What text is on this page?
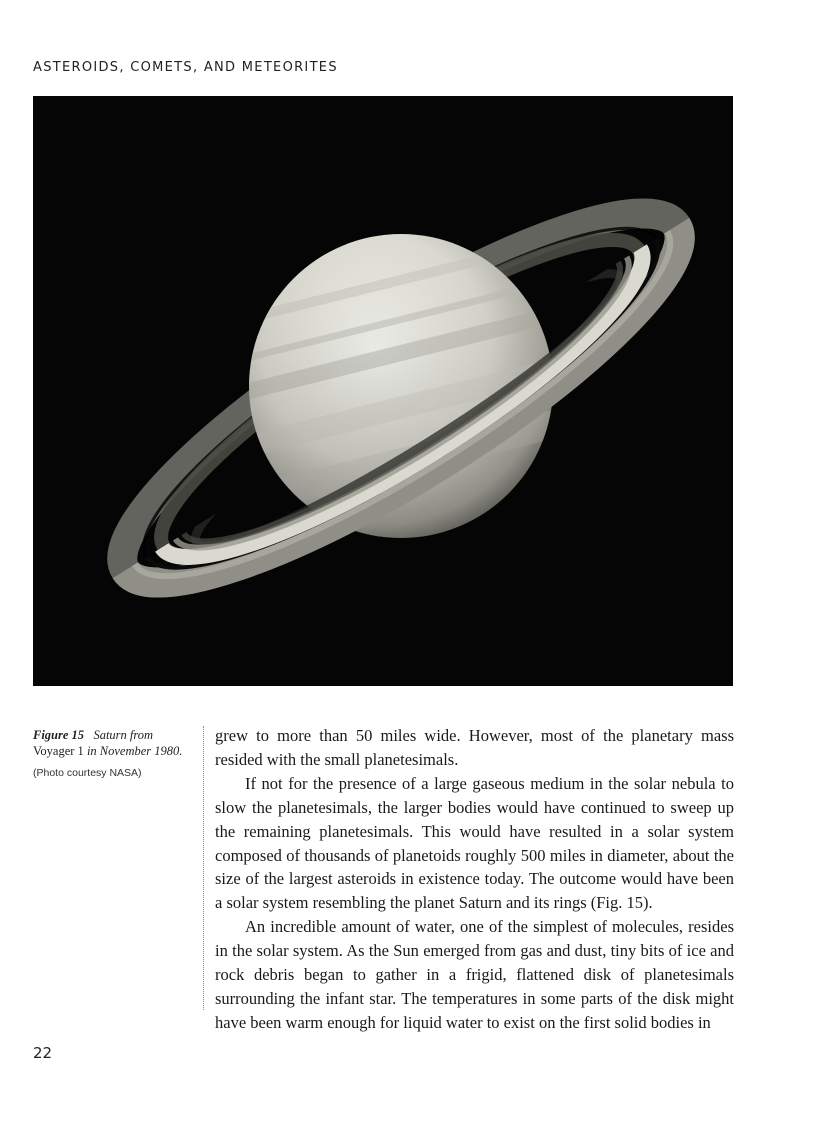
ASTEROIDS, COMETS, AND METEORITES
Figure 15 Saturn from Voyager 1 in November 1980.
(Photo courtesy NASA)

grew to more than 50 miles wide. However, most of the planetary mass resided with the small planetesimals.

If not for the presence of a large gaseous medium in the solar nebula to slow the planetesimals, the larger bodies would have continued to sweep up the remaining planetesimals. This would have resulted in a solar system composed of thousands of planetoids roughly 500 miles in diameter, about the size of the largest asteroids in existence today. The outcome would have been a solar system resembling the planet Saturn and its rings (Fig. 15).

An incredible amount of water, one of the simplest of molecules, resides in the solar system. As the Sun emerged from gas and dust, tiny bits of ice and rock debris began to gather in a frigid, flattened disk of planetesimals surrounding the infant star. The temperatures in some parts of the disk might have been warm enough for liquid water to exist on the first solid bodies in

22
